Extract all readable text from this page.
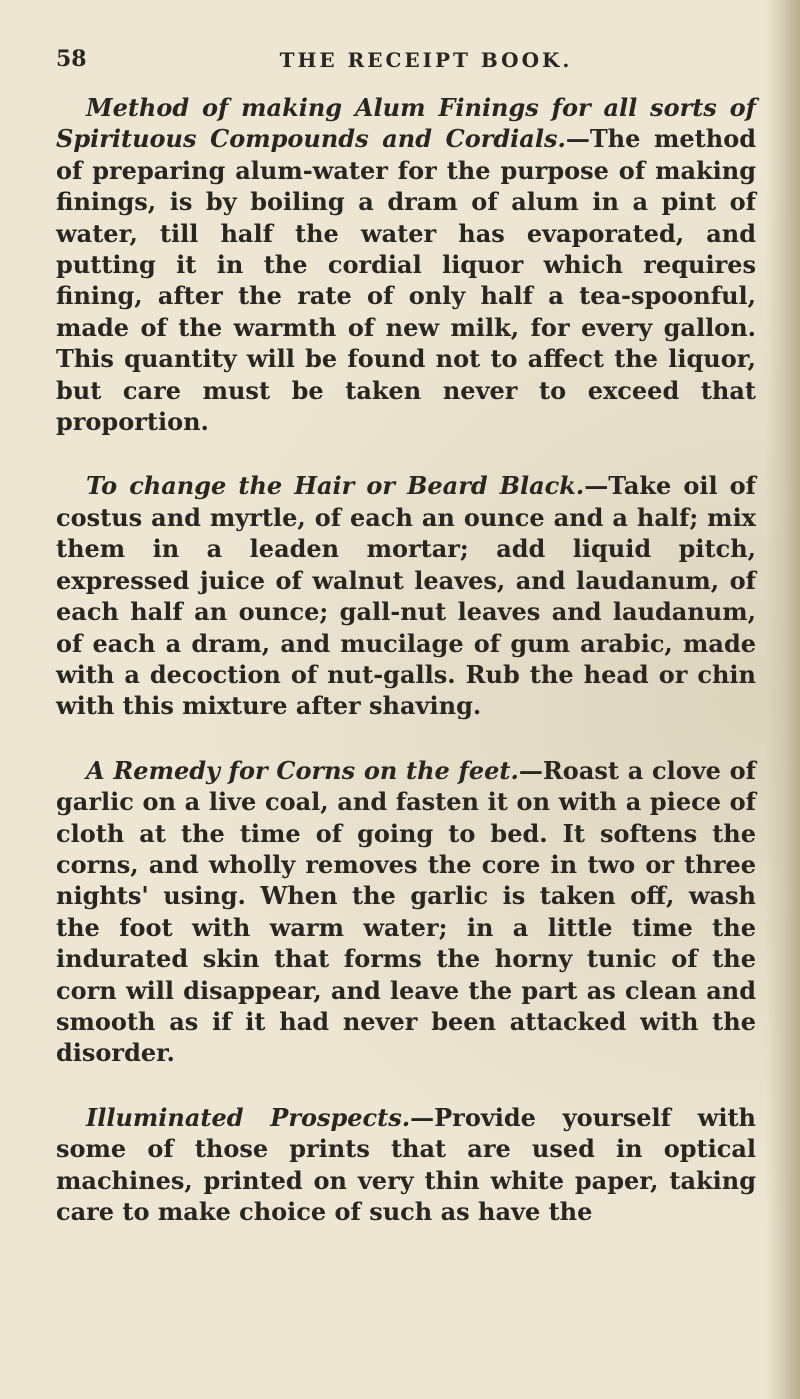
58	THE RECEIPT BOOK.

Method of making Alum Finings for all sorts of Spirituous Compounds and Cordials.—The method of preparing alum-water for the purpose of making finings, is by boiling a dram of alum in a pint of water, till half the water has evaporated, and putting it in the cordial liquor which requires fining, after the rate of only half a tea-spoonful, made of the warmth of new milk, for every gallon. This quantity will be found not to affect the liquor, but care must be taken never to exceed that proportion.

To change the Hair or Beard Black.—Take oil of costus and myrtle, of each an ounce and a half; mix them in a leaden mortar; add liquid pitch, expressed juice of walnut leaves, and laudanum, of each half an ounce; gall-nut leaves and laudanum, of each a dram, and mucilage of gum arabic, made with a decoction of nut-galls. Rub the head or chin with this mixture after shaving.

A Remedy for Corns on the feet.—Roast a clove of garlic on a live coal, and fasten it on with a piece of cloth at the time of going to bed. It softens the corns, and wholly removes the core in two or three nights' using. When the garlic is taken off, wash the foot with warm water; in a little time the indurated skin that forms the horny tunic of the corn will disappear, and leave the part as clean and smooth as if it had never been attacked with the disorder.

Illuminated Prospects.—Provide yourself with some of those prints that are used in optical machines, printed on very thin white paper, taking care to make choice of such as have the
